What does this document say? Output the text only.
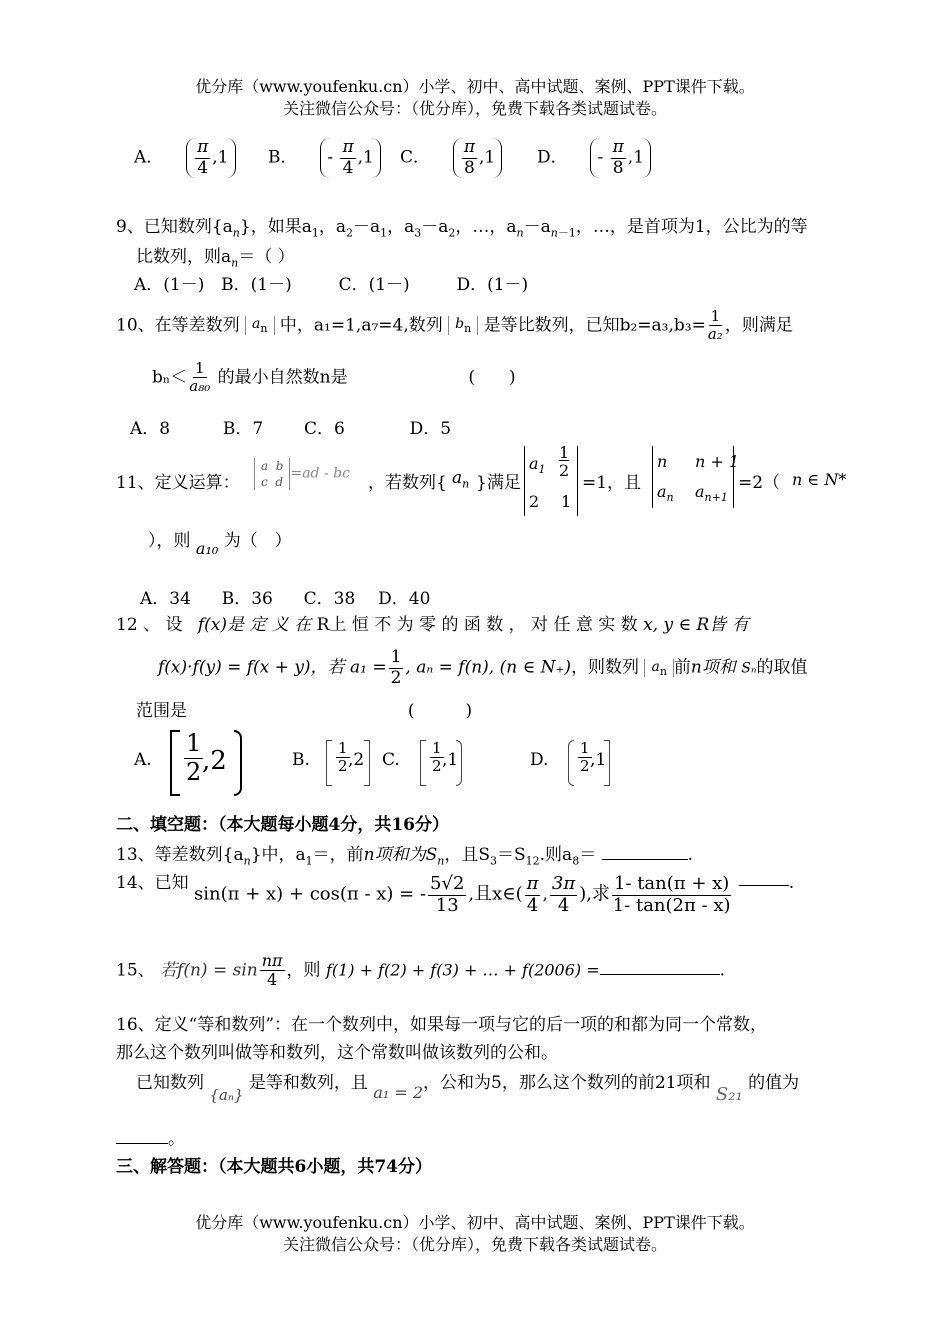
优分库（www.youfenku.cn）小学、初中、高中试题、案例、PPT课件下载。
关注微信公众号：（优分库），免费下载各类试题试卷。
A． $\frac{\pi}{4} ,1$	B． - $\frac{\pi}{4} ,1$	C． $\frac{\pi}{8} ,1$	D． - $\frac{\pi}{8} ,1$
9、已知数列$\{a_n\}$，如果$a_1$，$a_2-a_1$，$a_3-a_2$，…，$a_n-a_{n-1}$，…，是首项为1，公比为的等
比数列，则$a_n=$（ ）
A．(1－) B．(1－)	C．(1－)	D．(1－)
10、在等差数列 $a_n$ 中，a₁=1,a₇=4,数列 $b_n$ 是等比数列，已知$b_2=a_3,b_3= \frac{1}{\text{a₂}}$ ，则满足
$b_n< \frac{1}{\text{a₈₀}}$ 的最小自然数n是	(　　)
A．8	B．7 C．6	D．5
11、定义运算：
a b
c d=ad - bc ，若数列{ $a_n$ }满足
$a_1$
1
2
2 1
=1，且
n n + 1
$a_n$ $a_{n+1}$
=2（ n ∈ N*
），则 a₁₀ 为（　）
A．34 B．36 C．38 D．40
12 、 设 f(x)是 定 义 在 R上 恒 不 为 零 的 函 数 ， 对 任 意 实 数 x, y ∈ R皆 有
f(x)·f(y) = f(x + y)，若 $a_1 = \frac{1}{2}$ , aₙ = f(n), (n ∈ N₊)，则数列 $a_n$ 前n项和 Sₙ的取值
范围是	(　　　)
A. $\frac{1}{2}$
,2	B. $\frac{1}{2}$
,2 C. $\frac{1}{2}$
,1	D. $\frac{1}{2}$
,1
二、填空题：（本大题每小题4分，共16分）
13、等差数列$\{a_n\}$中，$a_1=$，前n项和为$S_n$，且$S_3=S_{12}$.则$a_8=$	.
14、已知 sin(π + x) + cos(π - x) = - $\frac{5√2}{13}$ ,且x∈( $\frac{\pi}{4}$ , $\frac{3\pi}{4}$ ),求 $\frac{1- \tan(\pi + x)}{1- \tan(2\pi - x)}$	.
15、 若$f(n) = \sin \frac{n\pi}{4}$ ，则 f(1) + f(2) + f(3) + … + f(2006) =	.
16、定义“等和数列”：在一个数列中，如果每一项与它的后一项的和都为同一个常数，
那么这个数列叫做等和数列，这个常数叫做该数列的公和。
已知数列 {aₙ} 是等和数列，且 a₁ = 2，公和为5，那么这个数列的前21项和 S₂₁ 的值为
。
三、解答题：（本大题共6小题，共74分）
优分库（www.youfenku.cn）小学、初中、高中试题、案例、PPT课件下载。
关注微信公众号：（优分库），免费下载各类试题试卷。
